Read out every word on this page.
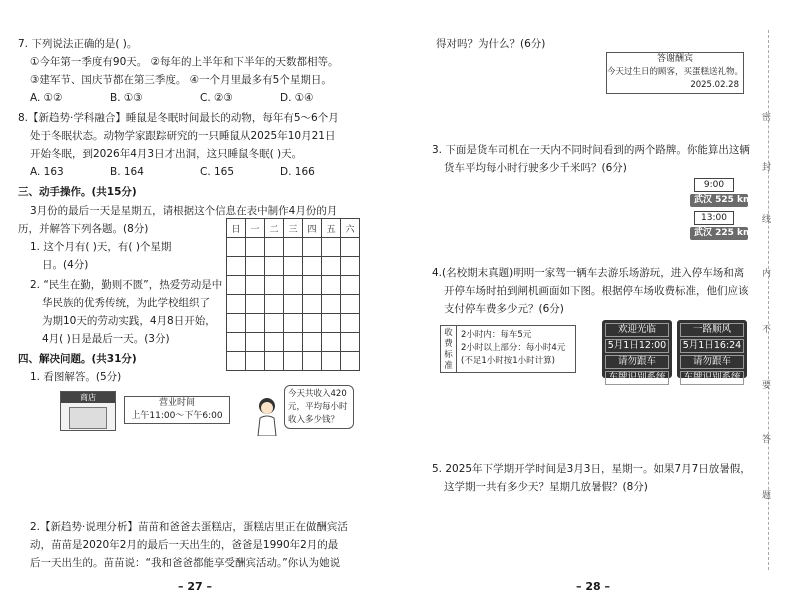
7. 下列说法正确的是( )。
①今年第一季度有90天。 ②每年的上半年和下半年的天数都相等。
③建军节、国庆节都在第三季度。 ④一个月里最多有5个星期日。
A. ①②	B. ①③	C. ②③	D. ①④
8.【新趋势·学科融合】睡鼠是冬眠时间最长的动物，每年有5～6个月
处于冬眠状态。动物学家跟踪研究的一只睡鼠从2025年10月21日
开始冬眠，到2026年4月3日才出洞，这只睡鼠冬眠( )天。
A. 163	B. 164	C. 165	D. 166
三、动手操作。(共15分)
3月份的最后一天是星期五，请根据这个信息在表中制作4月份的月
历，并解答下列各题。(8分)	日	一	二	三	四	五	六

1. 这个月有( )天，有( )个星期
日。(4分)
2. “民生在勤，勤则不匮”，热爱劳动是中
华民族的优秀传统，为此学校组织了
为期10天的劳动实践，4月8日开始，
4月( )日是最后一天。(3分)
四、解决问题。(共31分)
1. 看图解答。(5分)
商店
营业时间
上午11:00～下午6:00
今天共收入420
元，平均每小时
收入多少钱？
2.【新趋势·说理分析】苗苗和爸爸去蛋糕店，蛋糕店里正在做酬宾活
动，苗苗是2020年2月的最后一天出生的，爸爸是1990年2月的最
后一天出生的。苗苗说：“我和爸爸都能享受酬宾活动。”你认为她说
– 27 –
得对吗？为什么？(6分)
答谢酬宾
今天过生日的顾客，买蛋糕送礼物。
2025.02.28
3. 下面是货车司机在一天内不同时间看到的两个路牌。你能算出这辆
货车平均每小时行驶多少千米吗？(6分)
9:00
武汉 525 km
13:00
武汉 225 km
4.(名校期末真题)明明一家驾一辆车去游乐场游玩，进入停车场和离
开停车场时拍到闸机画面如下图。根据停车场收费标准，他们应该
支付停车费多少元？(6分)
收
费
标
准
2小时内：每车5元
2小时以上部分：每小时4元
(不足1小时按1小时计算)
欢迎光临
5月1日12:00
请勿跟车
车牌识别系统
一路顺风
5月1日16:24
请勿跟车
车牌识别系统
5. 2025年下学期开学时间是3月3日，星期一。如果7月7日放暑假，
这学期一共有多少天？星期几放暑假？(8分)
– 28 –
密
封
线
内
不
要
答
题
